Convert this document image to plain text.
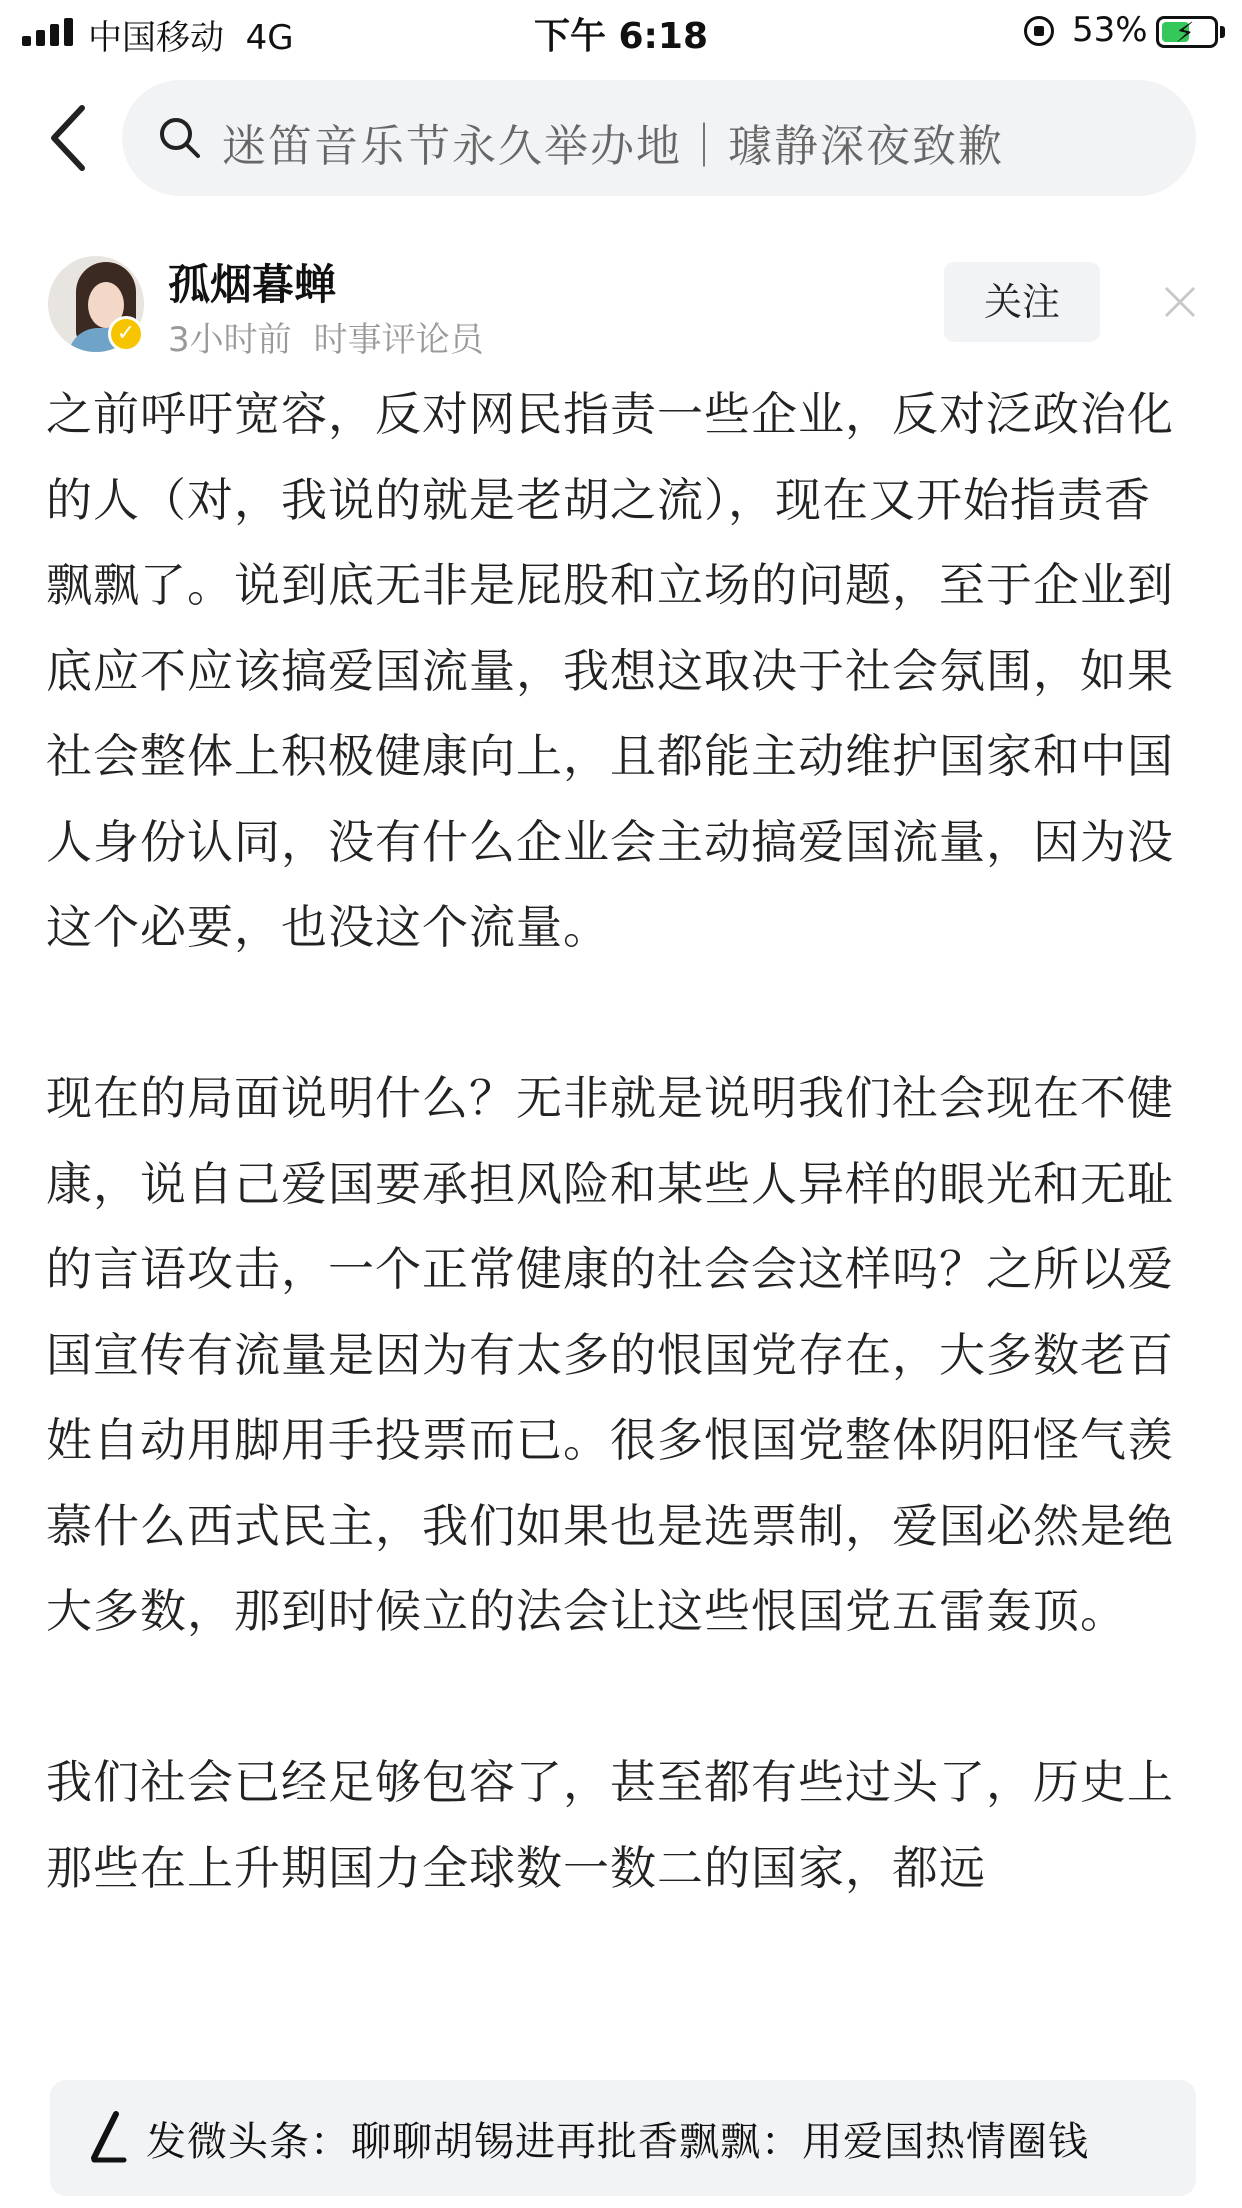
中国移动 4G	下午 6:18	53% ⚡
迷笛音乐节永久举办地｜璩静深夜致歉
✓
孤烟暮蝉
3小时前 时事评论员
关注

之前呼吁宽容，反对网民指责一些企业，反对泛政治化的人（对，我说的就是老胡之流），现在又开始指责香飘飘了。说到底无非是屁股和立场的问题，至于企业到底应不应该搞爱国流量，我想这取决于社会氛围，如果社会整体上积极健康向上，且都能主动维护国家和中国人身份认同，没有什么企业会主动搞爱国流量，因为没这个必要，也没这个流量。

现在的局面说明什么？无非就是说明我们社会现在不健康，说自己爱国要承担风险和某些人异样的眼光和无耻的言语攻击，一个正常健康的社会会这样吗？之所以爱国宣传有流量是因为有太多的恨国党存在，大多数老百姓自动用脚用手投票而已。很多恨国党整体阴阳怪气羡慕什么西式民主，我们如果也是选票制，爱国必然是绝大多数，那到时候立的法会让这些恨国党五雷轰顶。

我们社会已经足够包容了，甚至都有些过头了，历史上那些在上升期国力全球数一数二的国家，都远

发微头条：聊聊胡锡进再批香飘飘：用爱国热情圈钱
